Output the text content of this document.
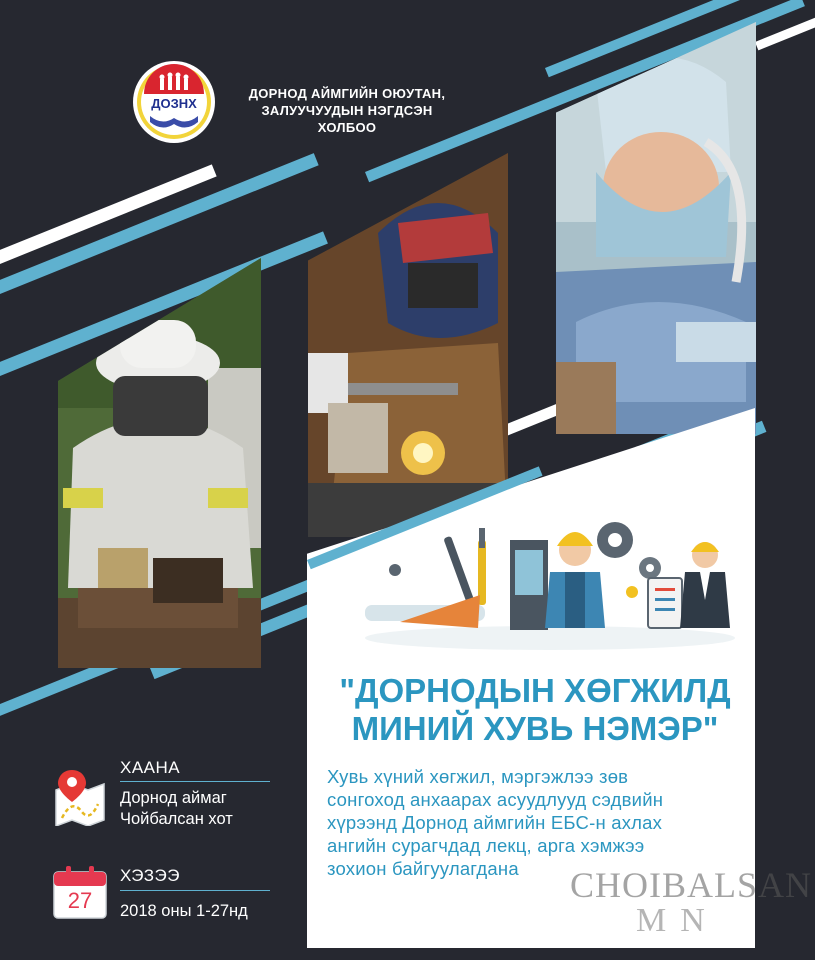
ДОЗНХ
ДОРНОД АЙМГИЙН ОЮУТАН,
ЗАЛУУЧУУДЫН НЭГДСЭН
ХОЛБОО
"ДОРНОДЫН ХӨГЖИЛД
МИНИЙ ХУВЬ НЭМЭР"
Хувь хүний хөгжил, мэргэжлээ зөв
сонгоход анхаарах асуудлууд сэдвийн
хүрээнд Дорнод аймгийн ЕБС-н ахлах
ангийн сурагчдад лекц, арга хэмжээ
зохион байгуулагдана
ХААНА
Дорнод аймаг
Чойбалсан хот
27
ХЭЗЭЭ
2018 оны 1-27нд
CHOIBALSAN
MN
